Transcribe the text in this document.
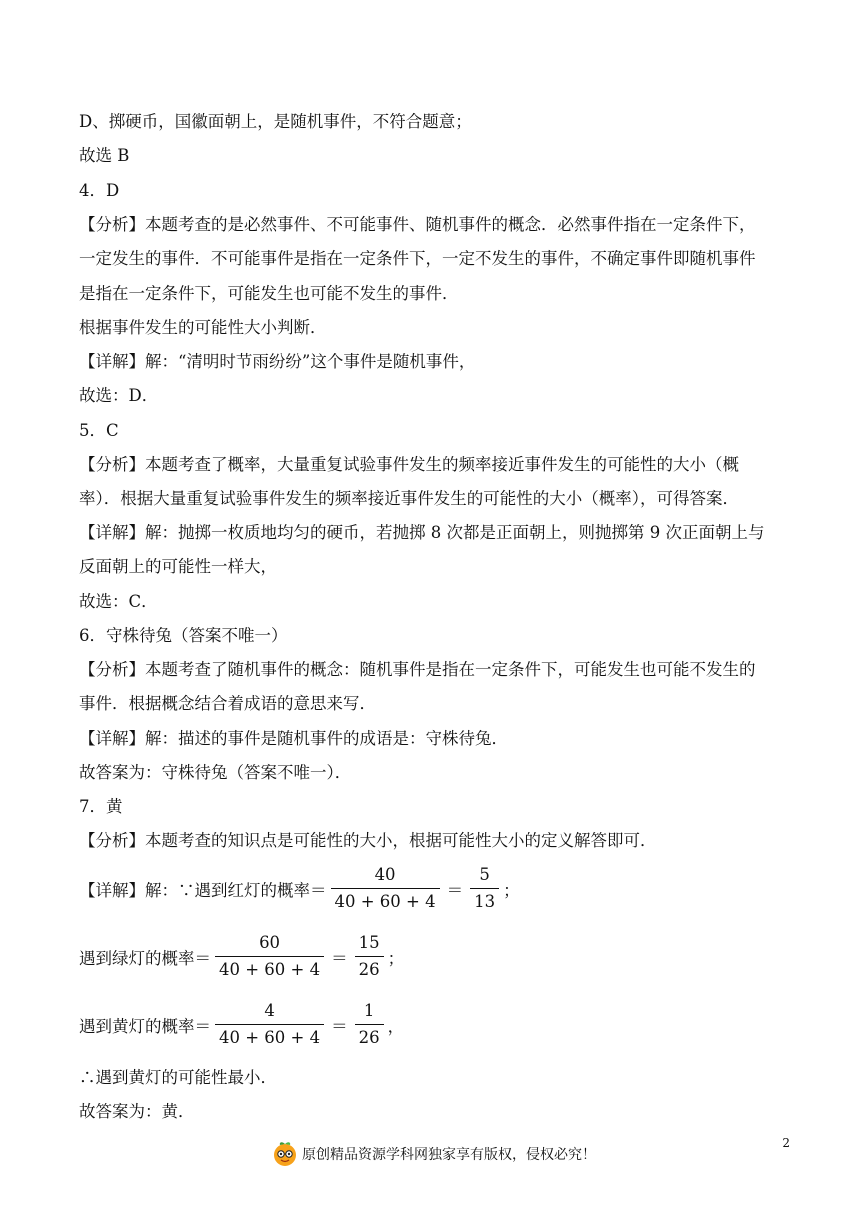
D、掷硬币，国徽面朝上，是随机事件，不符合题意；
故选 B
4．D
【分析】本题考查的是必然事件、不可能事件、随机事件的概念．必然事件指在一定条件下，
一定发生的事件．不可能事件是指在一定条件下，一定不发生的事件，不确定事件即随机事件
是指在一定条件下，可能发生也可能不发生的事件．
根据事件发生的可能性大小判断．
【详解】解：“清明时节雨纷纷”这个事件是随机事件，
故选：D．
5．C
【分析】本题考查了概率，大量重复试验事件发生的频率接近事件发生的可能性的大小（概
率）．根据大量重复试验事件发生的频率接近事件发生的可能性的大小（概率），可得答案．
【详解】解：抛掷一枚质地均匀的硬币，若抛掷 8 次都是正面朝上，则抛掷第 9 次正面朝上与
反面朝上的可能性一样大，
故选：C．
6．守株待兔（答案不唯一）
【分析】本题考查了随机事件的概念：随机事件是指在一定条件下，可能发生也可能不发生的
事件．根据概念结合着成语的意思来写．
【详解】解：描述的事件是随机事件的成语是：守株待兔．
故答案为：守株待兔（答案不唯一）．
7．黄
【分析】本题考查的知识点是可能性的大小，根据可能性大小的定义解答即可．
【详解】解：∵遇到红灯的概率＝ $\frac{40}{40 + 60 + 4} = \frac{5}{13}$ ；
遇到绿灯的概率＝ $\frac{60}{40 + 60 + 4} = \frac{15}{26}$ ；
遇到黄灯的概率＝ $\frac{4}{40 + 60 + 4} = \frac{1}{26}$ ，
∴遇到黄灯的可能性最小．
故答案为：黄．
原创精品资源学科网独家享有版权，侵权必究！
2
